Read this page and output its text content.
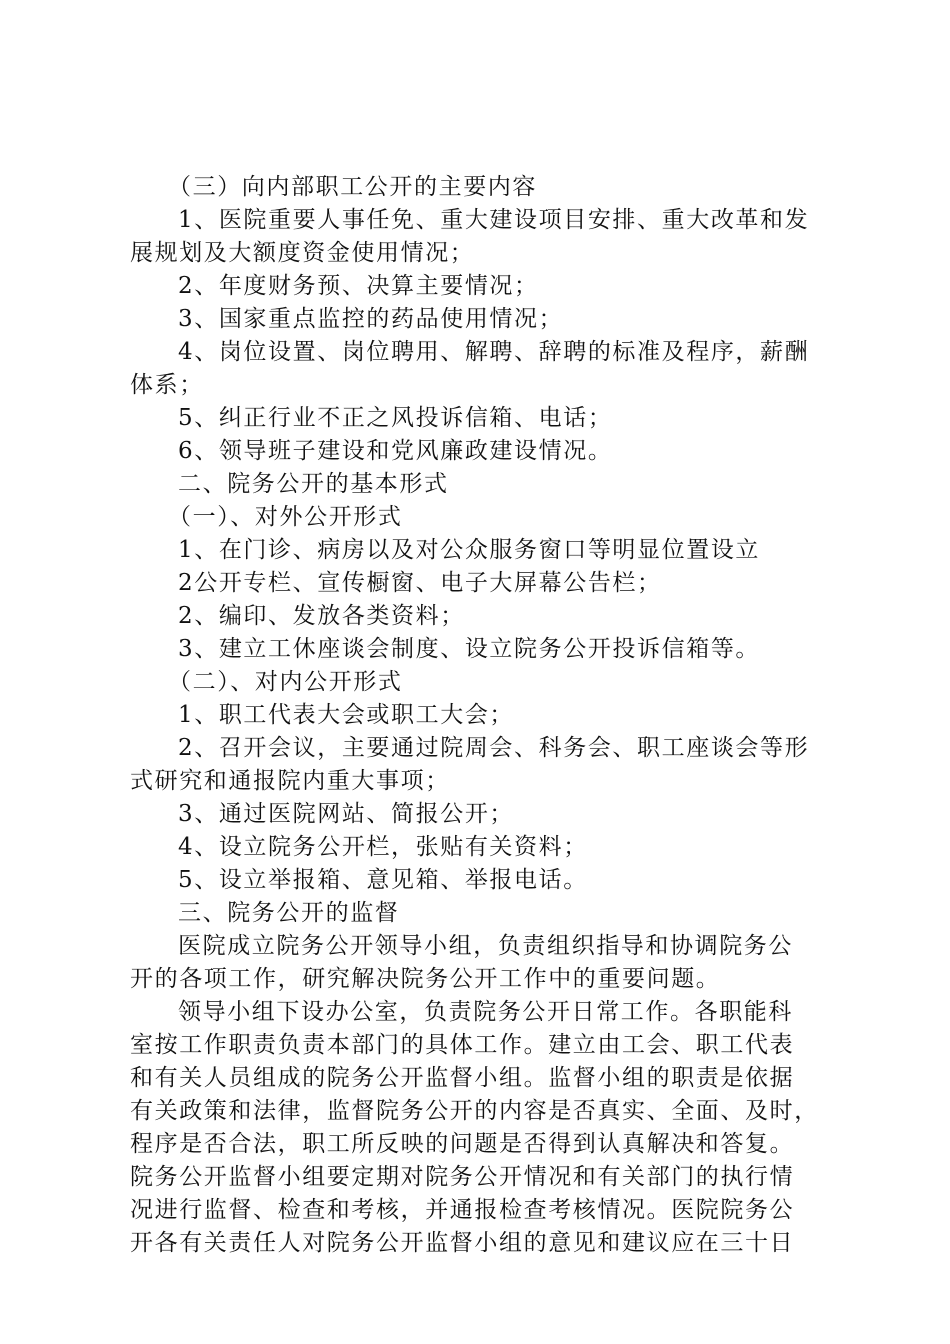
（三）向内部职工公开的主要内容
1、医院重要人事任免、重大建设项目安排、重大改革和发
展规划及大额度资金使用情况；
2、年度财务预、决算主要情况；
3、国家重点监控的药品使用情况；
4、岗位设置、岗位聘用、解聘、辞聘的标准及程序，薪酬
体系；
5、纠正行业不正之风投诉信箱、电话；
6、领导班子建设和党风廉政建设情况。
二、院务公开的基本形式
（一）、对外公开形式
1、在门诊、病房以及对公众服务窗口等明显位置设立
2公开专栏、宣传橱窗、电子大屏幕公告栏；
2、编印、发放各类资料；
3、建立工休座谈会制度、设立院务公开投诉信箱等。
（二）、对内公开形式
1、职工代表大会或职工大会；
2、召开会议，主要通过院周会、科务会、职工座谈会等形
式研究和通报院内重大事项；
3、通过医院网站、简报公开；
4、设立院务公开栏，张贴有关资料；
5、设立举报箱、意见箱、举报电话。
三、院务公开的监督
医院成立院务公开领导小组，负责组织指导和协调院务公
开的各项工作，研究解决院务公开工作中的重要问题。
领导小组下设办公室，负责院务公开日常工作。各职能科
室按工作职责负责本部门的具体工作。建立由工会、职工代表
和有关人员组成的院务公开监督小组。监督小组的职责是依据
有关政策和法律，监督院务公开的内容是否真实、全面、及时，
程序是否合法，职工所反映的问题是否得到认真解决和答复。
院务公开监督小组要定期对院务公开情况和有关部门的执行情
况进行监督、检查和考核，并通报检查考核情况。医院院务公
开各有关责任人对院务公开监督小组的意见和建议应在三十日
